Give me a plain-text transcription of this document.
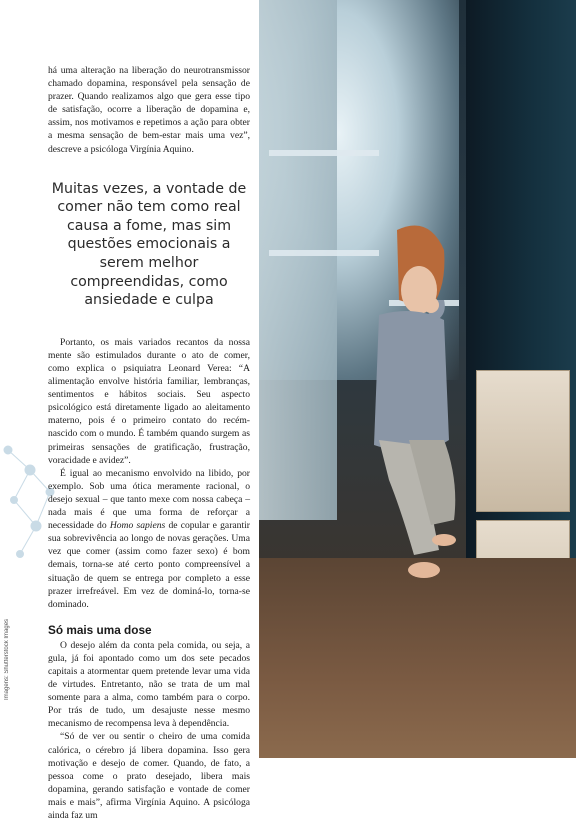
Imagens: Shutterstock Images

há uma alteração na liberação do neurotransmissor chamado dopamina, responsável pela sensação de prazer. Quando realizamos algo que gera esse tipo de satisfação, ocorre a liberação de dopamina e, assim, nos motivamos e repetimos a ação para obter a mesma sensação de bem-estar mais uma vez”, descreve a psicóloga Virgínia Aquino.

Muitas vezes, a vontade de comer não tem como real causa a fome, mas sim questões emocionais a serem melhor compreendidas, como ansiedade e culpa

Portanto, os mais variados recantos da nossa mente são estimulados durante o ato de comer, como explica o psiquiatra Leonard Verea: “A alimentação envolve história familiar, lembranças, sentimentos e hábitos sociais. Seu aspecto psicológico está diretamente ligado ao aleitamento materno, pois é o primeiro contato do recém-nascido com o mundo. É também quando surgem as primeiras sensações de gratificação, frustração, voracidade e avidez”.

É igual ao mecanismo envolvido na libido, por exemplo. Sob uma ótica meramente racional, o desejo sexual – que tanto mexe com nossa cabeça – nada mais é que uma forma de reforçar a necessidade do Homo sapiens de copular e garantir sua sobrevivência ao longo de novas gerações. Uma vez que comer (assim como fazer sexo) é bom demais, torna-se até certo ponto compreensível a situação de quem se entrega por completo a esse prazer irrefreável. Em vez de dominá-lo, torna-se dominado.

Só mais uma dose

O desejo além da conta pela comida, ou seja, a gula, já foi apontado como um dos sete pecados capitais a atormentar quem pretende levar uma vida de virtudes. Entretanto, não se trata de um mal somente para a alma, como também para o corpo. Por trás de tudo, um desajuste nesse mesmo mecanismo de recompensa leva à dependência.

“Só de ver ou sentir o cheiro de uma comida calórica, o cérebro já libera dopamina. Isso gera motivação e desejo de comer. Quando, de fato, a pessoa come o prato desejado, libera mais dopamina, gerando satisfação e vontade de comer mais e mais”, afirma Virgínia Aquino. A psicóloga ainda faz um
